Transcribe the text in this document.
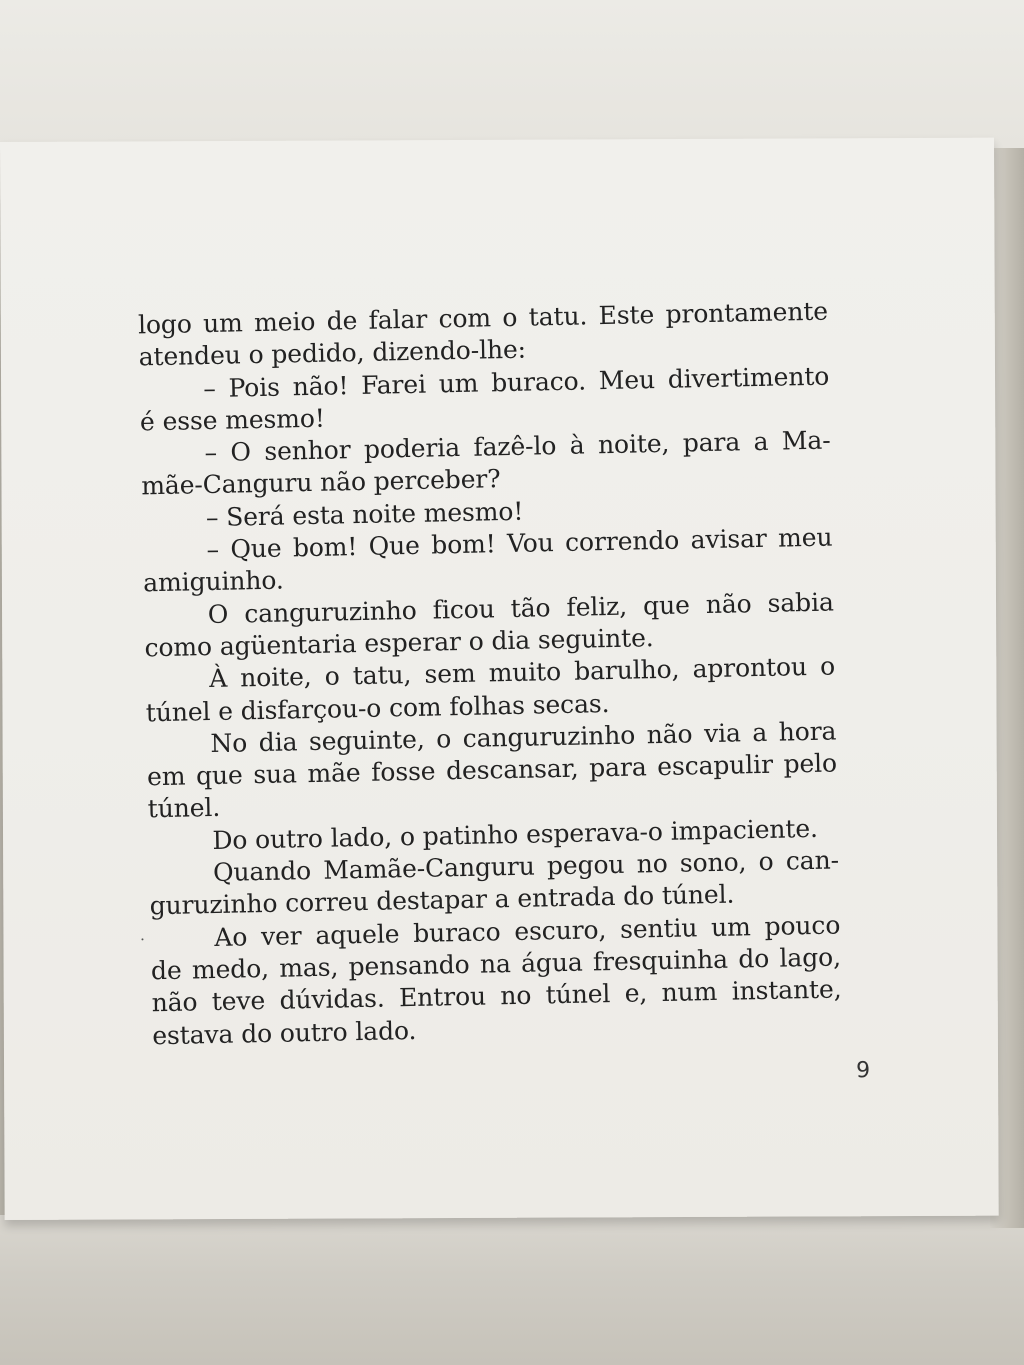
logo um meio de falar com o tatu. Este prontamente
atendeu o pedido, dizendo-lhe:
– Pois não! Farei um buraco. Meu divertimento
é esse mesmo!
– O senhor poderia fazê-lo à noite, para a Ma-
mãe-Canguru não perceber?
– Será esta noite mesmo!
– Que bom! Que bom! Vou correndo avisar meu
amiguinho.
O canguruzinho ficou tão feliz, que não sabia
como agüentaria esperar o dia seguinte.
À noite, o tatu, sem muito barulho, aprontou o
túnel e disfarçou-o com folhas secas.
No dia seguinte, o canguruzinho não via a hora
em que sua mãe fosse descansar, para escapulir pelo
túnel.
Do outro lado, o patinho esperava-o impaciente.
Quando Mamãe-Canguru pegou no sono, o can-
guruzinho correu destapar a entrada do túnel.
Ao ver aquele buraco escuro, sentiu um pouco
de medo, mas, pensando na água fresquinha do lago,
não teve dúvidas. Entrou no túnel e, num instante,
estava do outro lado.
9
